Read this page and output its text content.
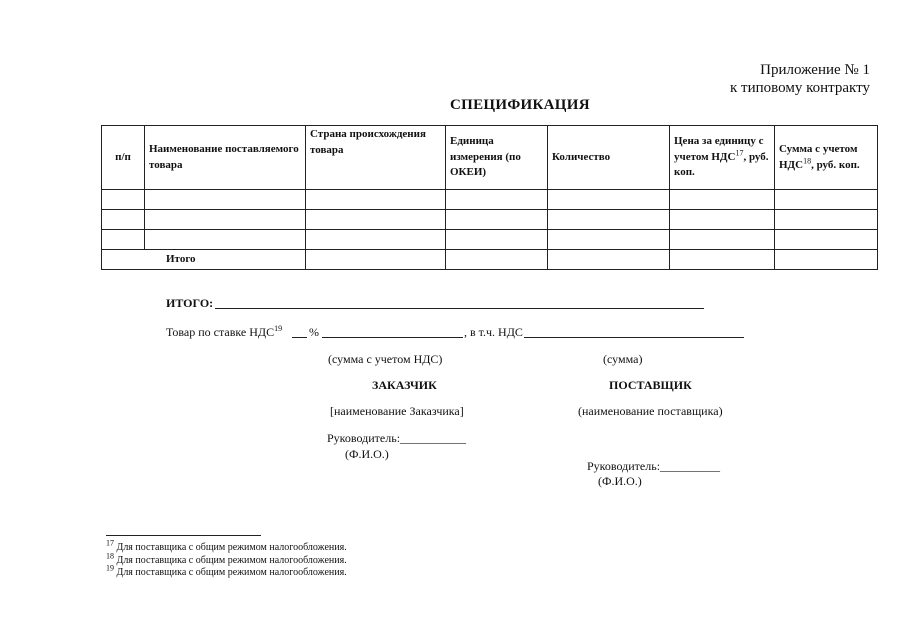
Приложение № 1
к типовому контракту
СПЕЦИФИКАЦИЯ
п/п	Наименование поставляемого товара	Страна происхождения товара	Единица измерения (по ОКЕИ)	Количество	Цена за единицу с учетом НДС$^{17}$, руб. коп.	Сумма с учетом НДС$^{18}$, руб. коп.

Итого						
ИТОГО:
Товар по ставке НДС$^{19}$ %	, в т.ч. НДС
(сумма с учетом НДС)	(сумма)
ЗАКАЗЧИК	ПОСТАВЩИК
[наименование Заказчика]	(наименование поставщика)
Руководитель:___________
(Ф.И.О.)
Руководитель:__________
(Ф.И.О.)
$^{17}$ Для поставщика с общим режимом налогообложения.
$^{18}$ Для поставщика с общим режимом налогообложения.
$^{19}$ Для поставщика с общим режимом налогообложения.
